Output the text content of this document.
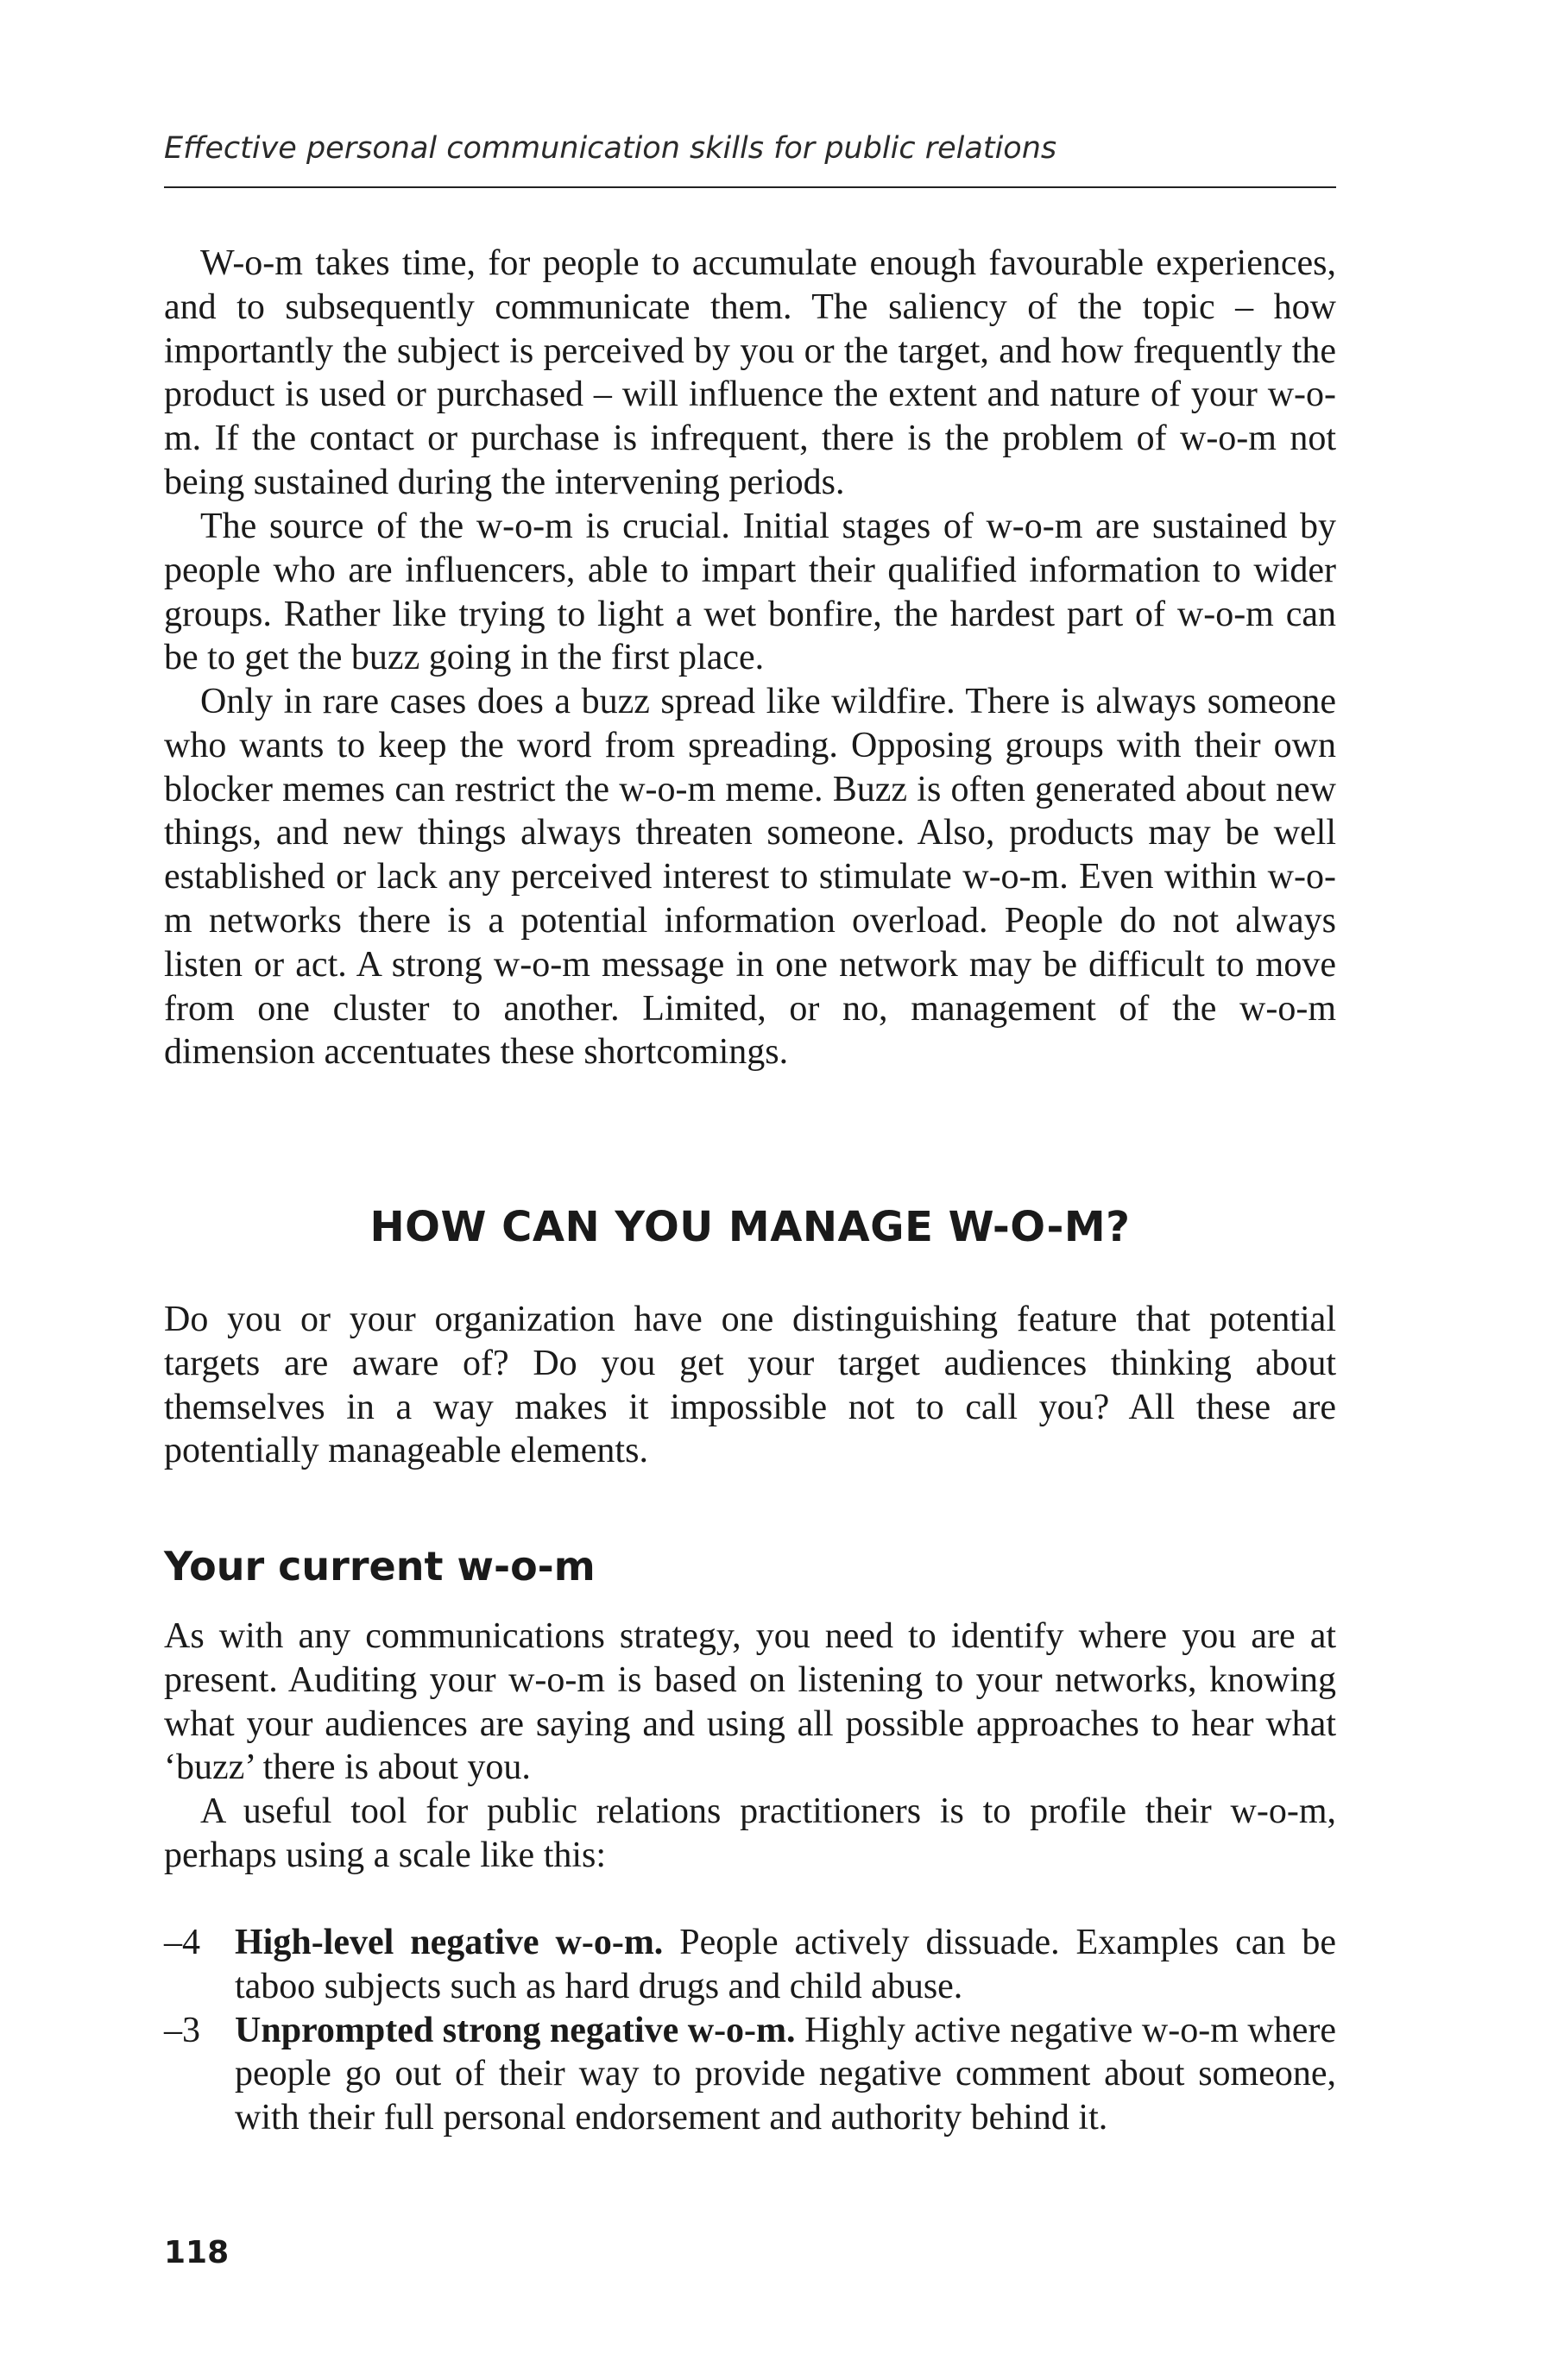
Effective personal communication skills for public relations

W-o-m takes time, for people to accumulate enough favourable experiences, and to subsequently communicate them. The saliency of the topic – how importantly the subject is perceived by you or the target, and how frequently the product is used or purchased – will influence the extent and nature of your w-o-m. If the contact or purchase is infrequent, there is the problem of w-o-m not being sustained during the intervening periods.

The source of the w-o-m is crucial. Initial stages of w-o-m are sustained by people who are influencers, able to impart their qualified information to wider groups. Rather like trying to light a wet bonfire, the hardest part of w-o-m can be to get the buzz going in the first place.

Only in rare cases does a buzz spread like wildfire. There is always someone who wants to keep the word from spreading. Opposing groups with their own blocker memes can restrict the w-o-m meme. Buzz is often generated about new things, and new things always threaten someone. Also, products may be well established or lack any perceived interest to stimulate w-o-m. Even within w-o-m networks there is a potential information overload. People do not always listen or act. A strong w-o-m message in one network may be difficult to move from one cluster to another. Limited, or no, management of the w-o-m dimension accentuates these shortcomings.

HOW CAN YOU MANAGE W-O-M?

Do you or your organization have one distinguishing feature that potential targets are aware of? Do you get your target audiences thinking about themselves in a way makes it impossible not to call you? All these are potentially manageable elements.

Your current w-o-m

As with any communications strategy, you need to identify where you are at present. Auditing your w-o-m is based on listening to your networks, knowing what your audiences are saying and using all possible approaches to hear what ‘buzz’ there is about you.

A useful tool for public relations practitioners is to profile their w-o-m, perhaps using a scale like this:

–4 High-level negative w-o-m. People actively dissuade. Examples can be taboo subjects such as hard drugs and child abuse.
–3 Unprompted strong negative w-o-m. Highly active negative w-o-m where people go out of their way to provide negative comment about someone, with their full personal endorsement and authority behind it.
118
